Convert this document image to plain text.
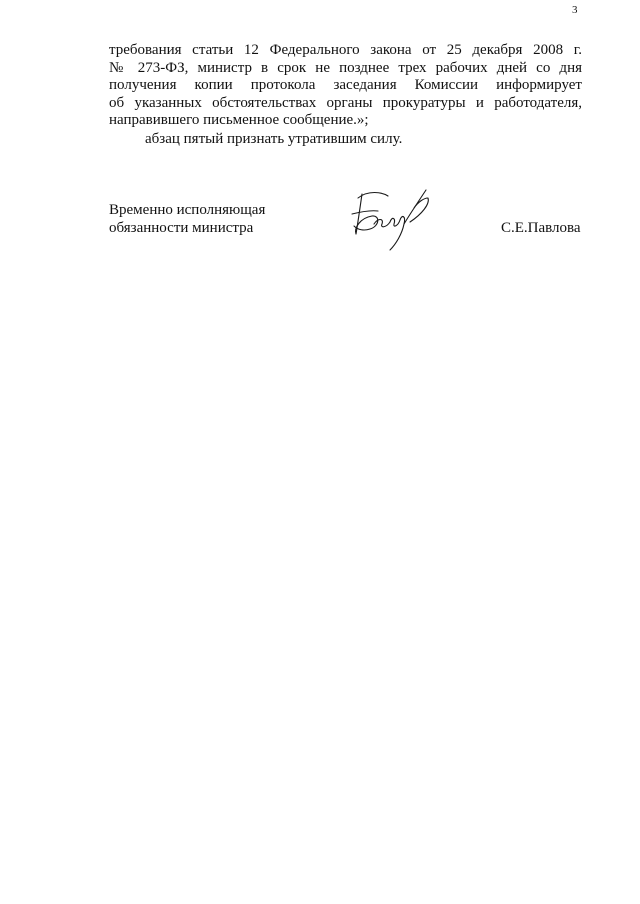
3
требования статьи 12 Федерального закона от 25 декабря 2008 г.
№ 273-ФЗ, министр в срок не позднее трех рабочих дней со дня
получения копии протокола заседания Комиссии информирует
об указанных обстоятельствах органы прокуратуры и работодателя,
направившего письменное сообщение.»;
абзац пятый признать утратившим силу.
Временно исполняющая
обязанности министра	С.Е.Павлова
